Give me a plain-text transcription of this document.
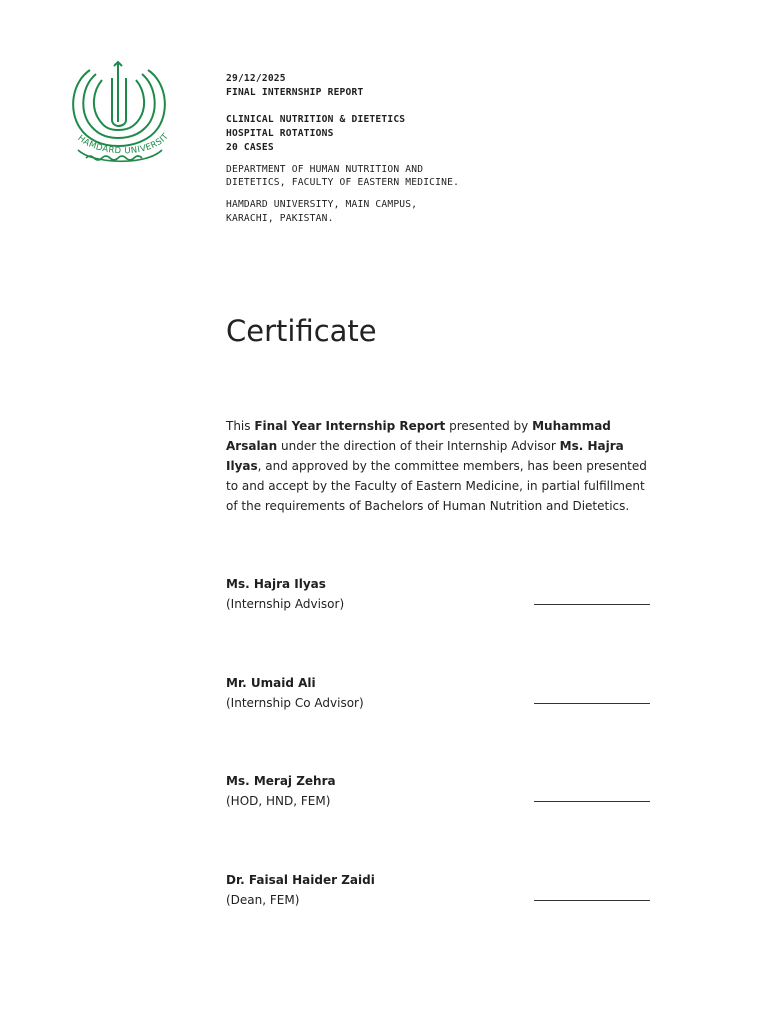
HAMDARD UNIVERSIT
29/12/2025
FINAL INTERNSHIP REPORT
CLINICAL NUTRITION & DIETETICS
HOSPITAL ROTATIONS
20 CASES
DEPARTMENT OF HUMAN NUTRITION AND DIETETICS, FACULTY OF EASTERN MEDICINE.
HAMDARD UNIVERSITY, MAIN CAMPUS, KARACHI, PAKISTAN.
Certificate

This Final Year Internship Report presented by Muhammad Arsalan under the direction of their Internship Advisor Ms. Hajra Ilyas, and approved by the committee members, has been presented to and accept by the Faculty of Eastern Medicine, in partial fulfillment of the requirements of Bachelors of Human Nutrition and Dietetics.

Ms. Hajra Ilyas
(Internship Advisor)
Mr. Umaid Ali
(Internship Co Advisor)
Ms. Meraj Zehra
(HOD, HND, FEM)
Dr. Faisal Haider Zaidi
(Dean, FEM)
